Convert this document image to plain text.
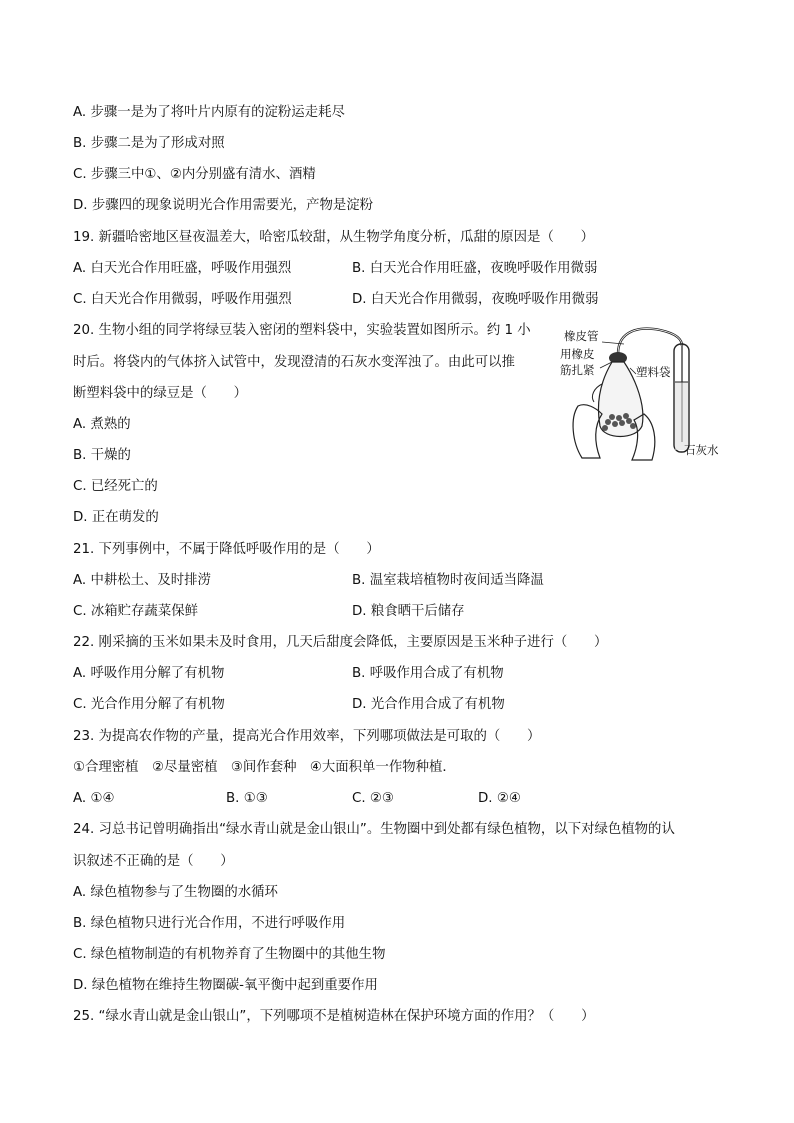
A. 步骤一是为了将叶片内原有的淀粉运走耗尽
B. 步骤二是为了形成对照
C. 步骤三中①、②内分别盛有清水、酒精
D. 步骤四的现象说明光合作用需要光，产物是淀粉
19. 新疆哈密地区昼夜温差大，哈密瓜较甜，从生物学角度分析，瓜甜的原因是（　　）
A. 白天光合作用旺盛，呼吸作用强烈	B. 白天光合作用旺盛，夜晚呼吸作用微弱
C. 白天光合作用微弱，呼吸作用强烈	D. 白天光合作用微弱，夜晚呼吸作用微弱
20. 生物小组的同学将绿豆装入密闭的塑料袋中，实验装置如图所示。约 1 小
时后。将袋内的气体挤入试管中，发现澄清的石灰水变浑浊了。由此可以推
断塑料袋中的绿豆是（　　）
A. 煮熟的
B. 干燥的
C. 已经死亡的
D. 正在萌发的
橡皮管
用橡皮
筋扎紧	塑料袋
石灰水
21. 下列事例中，不属于降低呼吸作用的是（　　）
A. 中耕松土、及时排涝	B. 温室栽培植物时夜间适当降温
C. 冰箱贮存蔬菜保鲜	D. 粮食晒干后储存
22. 刚采摘的玉米如果未及时食用，几天后甜度会降低，主要原因是玉米种子进行（　　）
A. 呼吸作用分解了有机物	B. 呼吸作用合成了有机物
C. 光合作用分解了有机物	D. 光合作用合成了有机物
23. 为提高农作物的产量，提高光合作用效率，下列哪项做法是可取的（　　）
①合理密植　②尽量密植　③间作套种　④大面积单一作物种植．
A. ①④	B. ①③	C. ②③	D. ②④
24. 习总书记曾明确指出“绿水青山就是金山银山”。生物圈中到处都有绿色植物，以下对绿色植物的认
识叙述不正确的是（　　）
A. 绿色植物参与了生物圈的水循环
B. 绿色植物只进行光合作用，不进行呼吸作用
C. 绿色植物制造的有机物养育了生物圈中的其他生物
D. 绿色植物在维持生物圈碳-氧平衡中起到重要作用
25. “绿水青山就是金山银山”，下列哪项不是植树造林在保护环境方面的作用？（　　）
